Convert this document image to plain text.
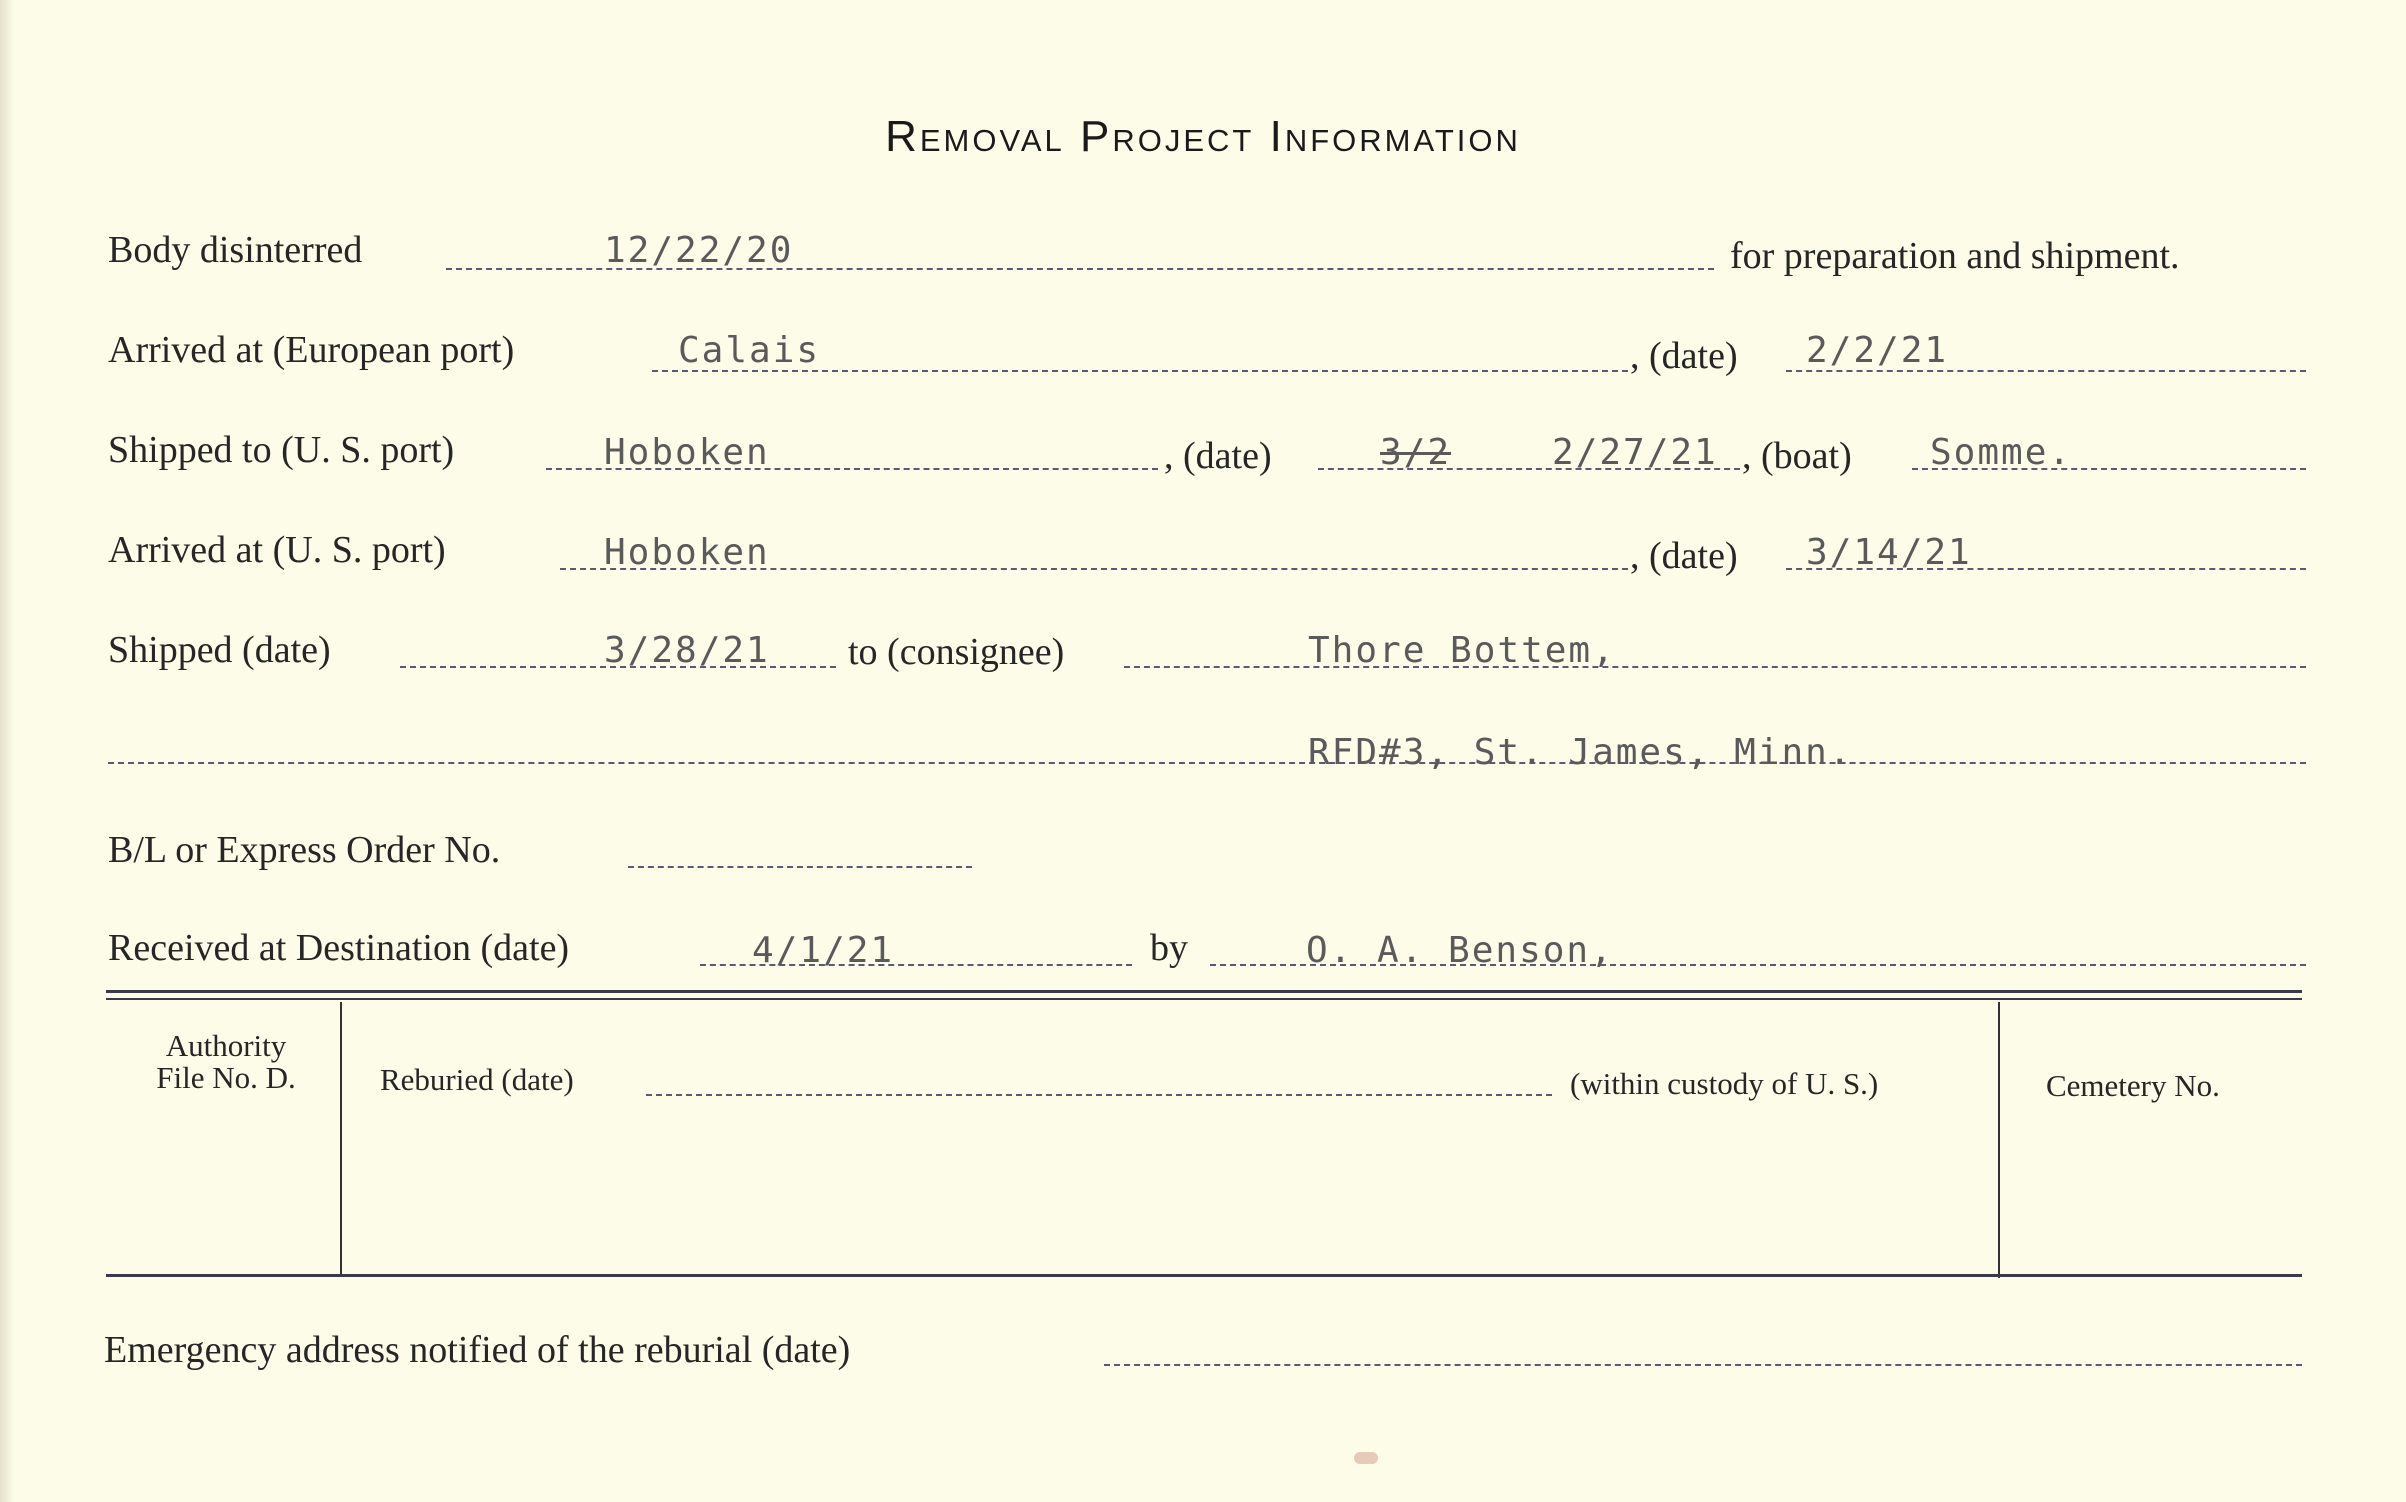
Removal Project Information
Body disinterred	12/22/20	for preparation and shipment.
Arrived at (European port)	Calais	, (date) 2/2/21
Shipped to (U. S. port)	Hoboken	, (date)	3/2	2/27/21 , (boat) Somme.
Arrived at (U. S. port)	Hoboken	, (date) 3/14/21
Shipped (date)	3/28/21 to (consignee)	Thore Bottem,
RFD#3, St. James, Minn.
B/L or Express Order No.
Received at Destination (date)	4/1/21	by	O. A. Benson,
Authority
File No. D.	Reburied (date)	(within custody of U. S.)	Cemetery No.
Emergency address notified of the reburial (date)
